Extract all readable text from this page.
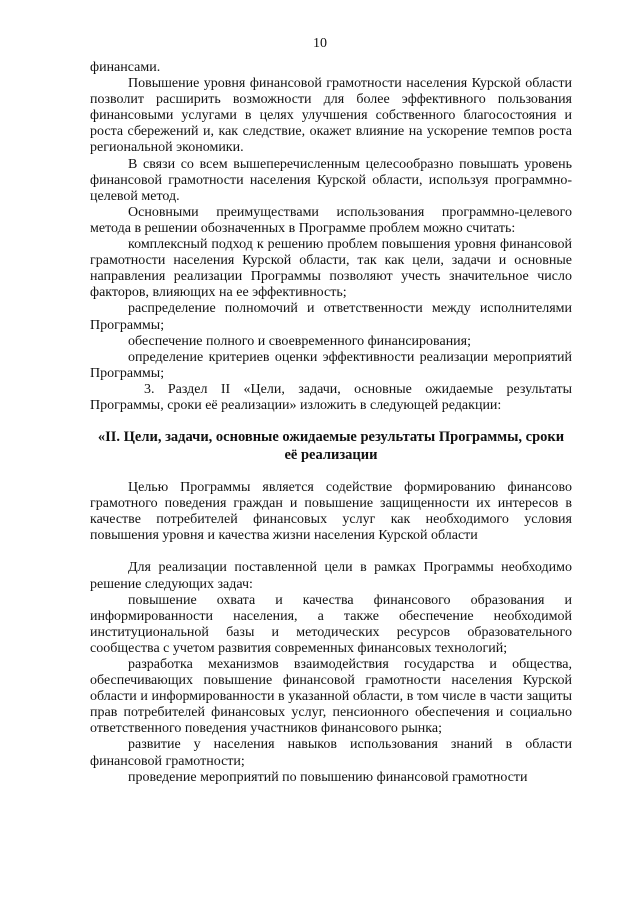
10

финансами.

Повышение уровня финансовой грамотности населения Курской области позволит расширить возможности для более эффективного пользования финансовыми услугами в целях улучшения собственного благосостояния и роста сбережений и, как следствие, окажет влияние на ускорение темпов роста региональной экономики.

В связи со всем вышеперечисленным целесообразно повышать уровень финансовой грамотности населения Курской области, используя программно-целевой метод.

Основными преимуществами использования программно-целевого метода в решении обозначенных в Программе проблем можно считать:

комплексный подход к решению проблем повышения уровня финансовой грамотности населения Курской области, так как цели, задачи и основные направления реализации Программы позволяют учесть значительное число факторов, влияющих на ее эффективность;

распределение полномочий и ответственности между исполнителями Программы;

обеспечение полного и своевременного финансирования;

определение критериев оценки эффективности реализации мероприятий Программы;

3. Раздел II «Цели, задачи, основные ожидаемые результаты Программы, сроки её реализации» изложить в следующей редакции:

«II. Цели, задачи, основные ожидаемые результаты Программы, сроки её реализации

Целью Программы является содействие формированию финансово грамотного поведения граждан и повышение защищенности их интересов в качестве потребителей финансовых услуг как необходимого условия повышения уровня и качества жизни населения Курской области

Для реализации поставленной цели в рамках Программы необходимо решение следующих задач:

повышение охвата и качества финансового образования и информированности населения, а также обеспечение необходимой институциональной базы и методических ресурсов образовательного сообщества с учетом развития современных финансовых технологий;

разработка механизмов взаимодействия государства и общества, обеспечивающих повышение финансовой грамотности населения Курской области и информированности в указанной области, в том числе в части защиты прав потребителей финансовых услуг, пенсионного обеспечения и социально ответственного поведения участников финансового рынка;

развитие у населения навыков использования знаний в области финансовой грамотности;

проведение мероприятий по повышению финансовой грамотности
